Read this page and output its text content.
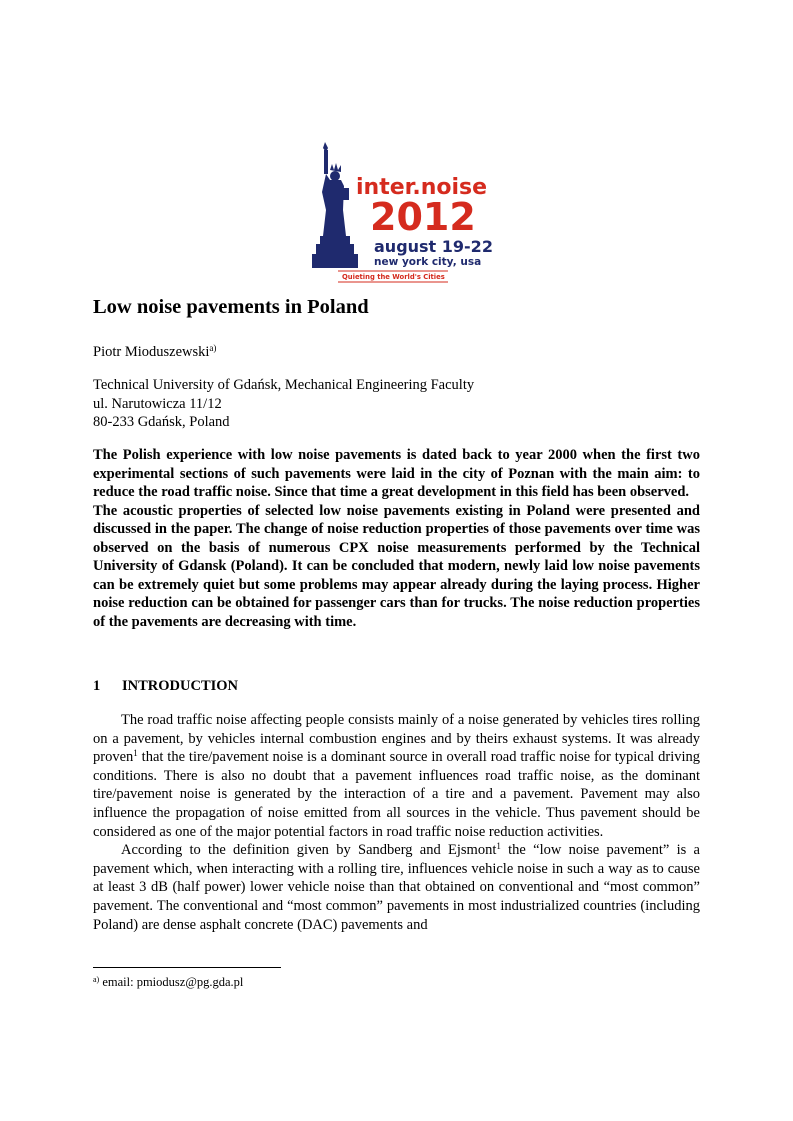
inter.noise
2012
august 19-22
new york city, usa
Quieting the World's Cities
Low noise pavements in Poland
Piotr Mioduszewski$^{a)}$
Technical University of Gdańsk, Mechanical Engineering Faculty
ul. Narutowicza 11/12
80-233 Gdańsk, Poland

The Polish experience with low noise pavements is dated back to year 2000 when the first two experimental sections of such pavements were laid in the city of Poznan with the main aim: to reduce the road traffic noise. Since that time a great development in this field has been observed.

The acoustic properties of selected low noise pavements existing in Poland were presented and discussed in the paper. The change of noise reduction properties of those pavements over time was observed on the basis of numerous CPX noise measurements performed by the Technical University of Gdansk (Poland). It can be concluded that modern, newly laid low noise pavements can be extremely quiet but some problems may appear already during the laying process. Higher noise reduction can be obtained for passenger cars than for trucks. The noise reduction properties of the pavements are decreasing with time.

1 INTRODUCTION

The road traffic noise affecting people consists mainly of a noise generated by vehicles tires rolling on a pavement, by vehicles internal combustion engines and by theirs exhaust systems. It was already proven$^1$ that the tire/pavement noise is a dominant source in overall road traffic noise for typical driving conditions. There is also no doubt that a pavement influences road traffic noise, as the dominant tire/pavement noise is generated by the interaction of a tire and a pavement. Pavement may also influence the propagation of noise emitted from all sources in the vehicle. Thus pavement should be considered as one of the major potential factors in road traffic noise reduction activities.

According to the definition given by Sandberg and Ejsmont$^1$ the “low noise pavement” is a pavement which, when interacting with a rolling tire, influences vehicle noise in such a way as to cause at least 3 dB (half power) lower vehicle noise than that obtained on conventional and “most common” pavement. The conventional and “most common” pavements in most industrialized countries (including Poland) are dense asphalt concrete (DAC) pavements and

$^{a)}$ email: pmiodusz@pg.gda.pl
